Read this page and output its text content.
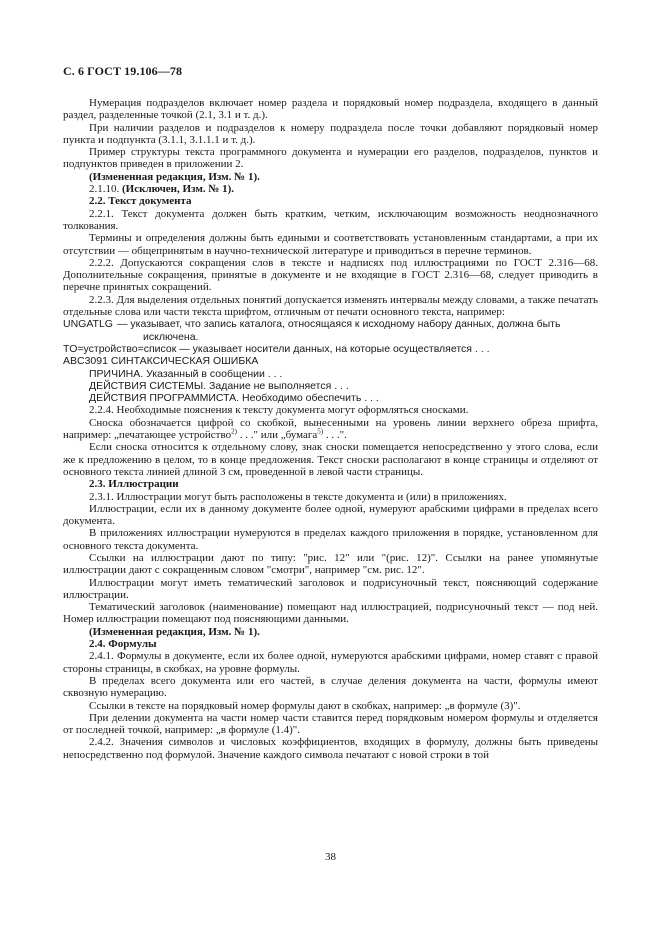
С. 6 ГОСТ 19.106—78

Нумерация подразделов включает номер раздела и порядковый номер подраздела, входящего в данный раздел, разделенные точкой (2.1, 3.1 и т. д.).

При наличии разделов и подразделов к номеру подраздела после точки добавляют порядковый номер пункта и подпункта (3.1.1, 3.1.1.1 и т. д.).

Пример структуры текста программного документа и нумерации его разделов, подразделов, пунктов и подпунктов приведен в приложении 2.

(Измененная редакция, Изм. № 1).

2.1.10. (Исключен, Изм. № 1).

2.2. Текст документа

2.2.1. Текст документа должен быть кратким, четким, исключающим возможность неоднозначного толкования.

Термины и определения должны быть едиными и соответствовать установленным стандартами, а при их отсутствии — общепринятым в научно-технической литературе и приводиться в перечне терминов.

2.2.2. Допускаются сокращения слов в тексте и надписях под иллюстрациями по ГОСТ 2.316—68. Дополнительные сокращения, принятые в документе и не входящие в ГОСТ 2.316—68, следует приводить в перечне принятых сокращений.

2.2.3. Для выделения отдельных понятий допускается изменять интервалы между словами, а также печатать отдельные слова или части текста шрифтом, отличным от печати основного текста, например:

UNGATLG — указывает, что запись каталога, относящаяся к исходному набору данных, должна быть
исключена.

TO=устройство=список — указывает носители данных, на которые осуществляется . . .

ABC3091 СИНТАКСИЧЕСКАЯ ОШИБКА

ПРИЧИНА. Указанный в сообщении . . .

ДЕЙСТВИЯ СИСТЕМЫ. Задание не выполняется . . .

ДЕЙСТВИЯ ПРОГРАММИСТА. Необходимо обеспечить . . .

2.2.4. Необходимые пояснения к тексту документа могут оформляться сносками.

Сноска обозначается цифрой со скобкой, вынесенными на уровень линии верхнего обреза шрифта, например: „печатающее устройство$^{2)}$ . . ." или „бумага$^{5)}$ . . .".

Если сноска относится к отдельному слову, знак сноски помещается непосредственно у этого слова, если же к предложению в целом, то в конце предложения. Текст сноски располагают в конце страницы и отделяют от основного текста линией длиной 3 см, проведенной в левой части страницы.

2.3. Иллюстрации

2.3.1. Иллюстрации могут быть расположены в тексте документа и (или) в приложениях.

Иллюстрации, если их в данному документе более одной, нумеруют арабскими цифрами в пределах всего документа.

В приложениях иллюстрации нумеруются в пределах каждого приложения в порядке, установленном для основного текста документа.

Ссылки на иллюстрации дают по типу: "рис. 12" или "(рис. 12)". Ссылки на ранее упомянутые иллюстрации дают с сокращенным словом "смотри", например "см. рис. 12".

Иллюстрации могут иметь тематический заголовок и подрисуночный текст, поясняющий содержание иллюстрации.

Тематический заголовок (наименование) помещают над иллюстрацией, подрисуночный текст — под ней. Номер иллюстрации помещают под поясняющими данными.

(Измененная редакция, Изм. № 1).

2.4. Формулы

2.4.1. Формулы в документе, если их более одной, нумеруются арабскими цифрами, номер ставят с правой стороны страницы, в скобках, на уровне формулы.

В пределах всего документа или его частей, в случае деления документа на части, формулы имеют сквозную нумерацию.

Ссылки в тексте на порядковый номер формулы дают в скобках, например: „в формуле (3)".

При делении документа на части номер части ставится перед порядковым номером формулы и отделяется от последней точкой, например: „в формуле (1.4)".

2.4.2. Значения символов и числовых коэффициентов, входящих в формулу, должны быть приведены непосредственно под формулой. Значение каждого символа печатают с новой строки в той

38
